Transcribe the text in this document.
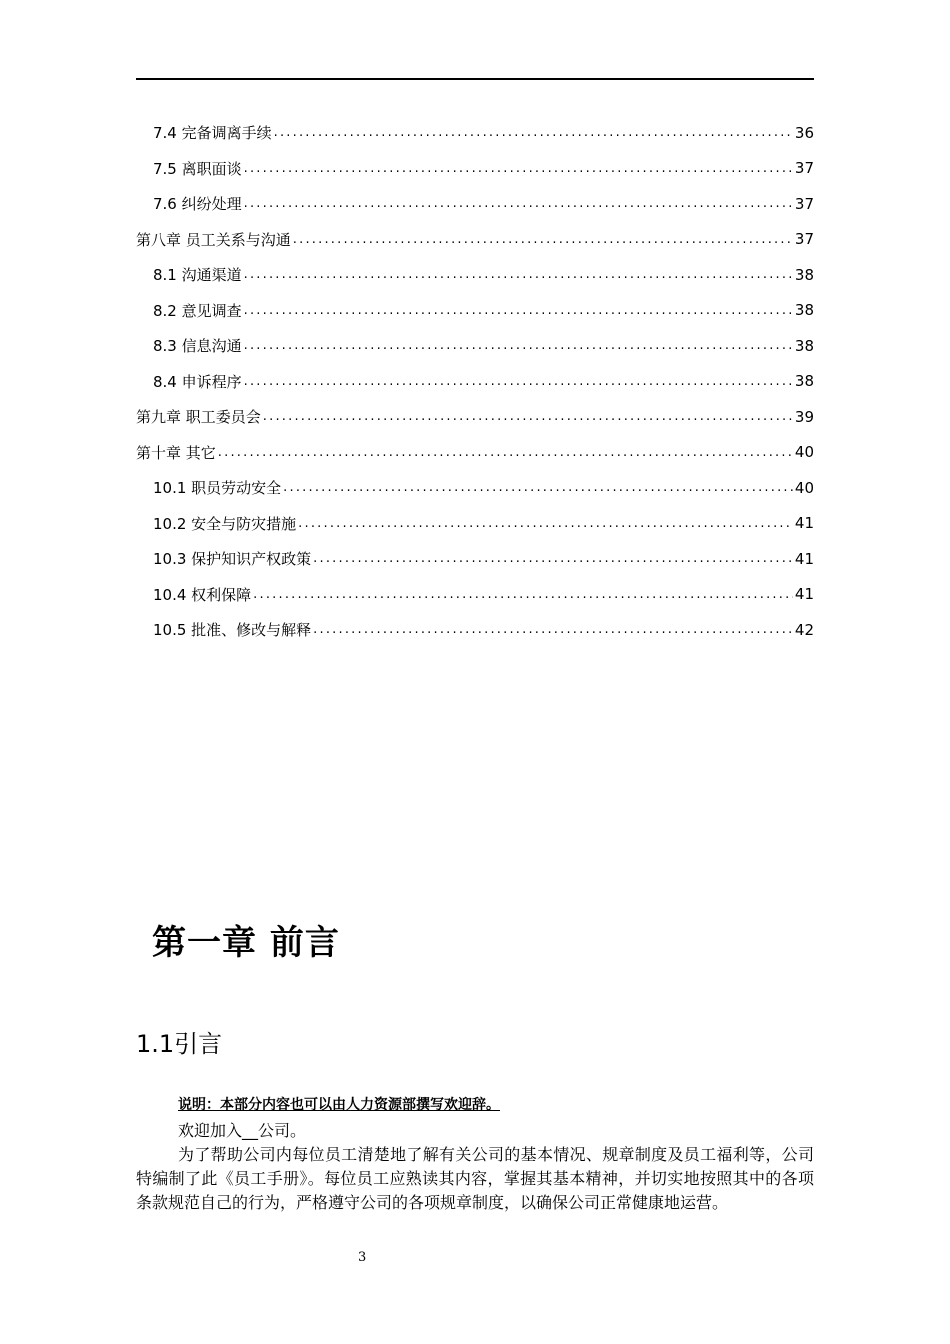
7.4 完备调离手续 .....	36
7.5 离职面谈 .....	37
7.6 纠纷处理 .....	37
第八章 员工关系与沟通 .....	37
8.1 沟通渠道 .....	38
8.2 意见调查 .....	38
8.3 信息沟通 .....	38
8.4 申诉程序 .....	38
第九章 职工委员会 .....	39
第十章 其它 .....	40
10.1 职员劳动安全 .....	40
10.2 安全与防灾措施 .....	41
10.3 保护知识产权政策 .....	41
10.4 权利保障 .....	41
10.5 批准、修改与解释 .....	42
第一章 前言
1.1引言
说明：本部分内容也可以由人力资源部撰写欢迎辞。
欢迎加入__公司。

为了帮助公司内每位员工清楚地了解有关公司的基本情况、规章制度及员工福利等，公司特编制了此《员工手册》。每位员工应熟读其内容，掌握其基本精神，并切实地按照其中的各项条款规范自己的行为，严格遵守公司的各项规章制度，以确保公司正常健康地运营。

3
